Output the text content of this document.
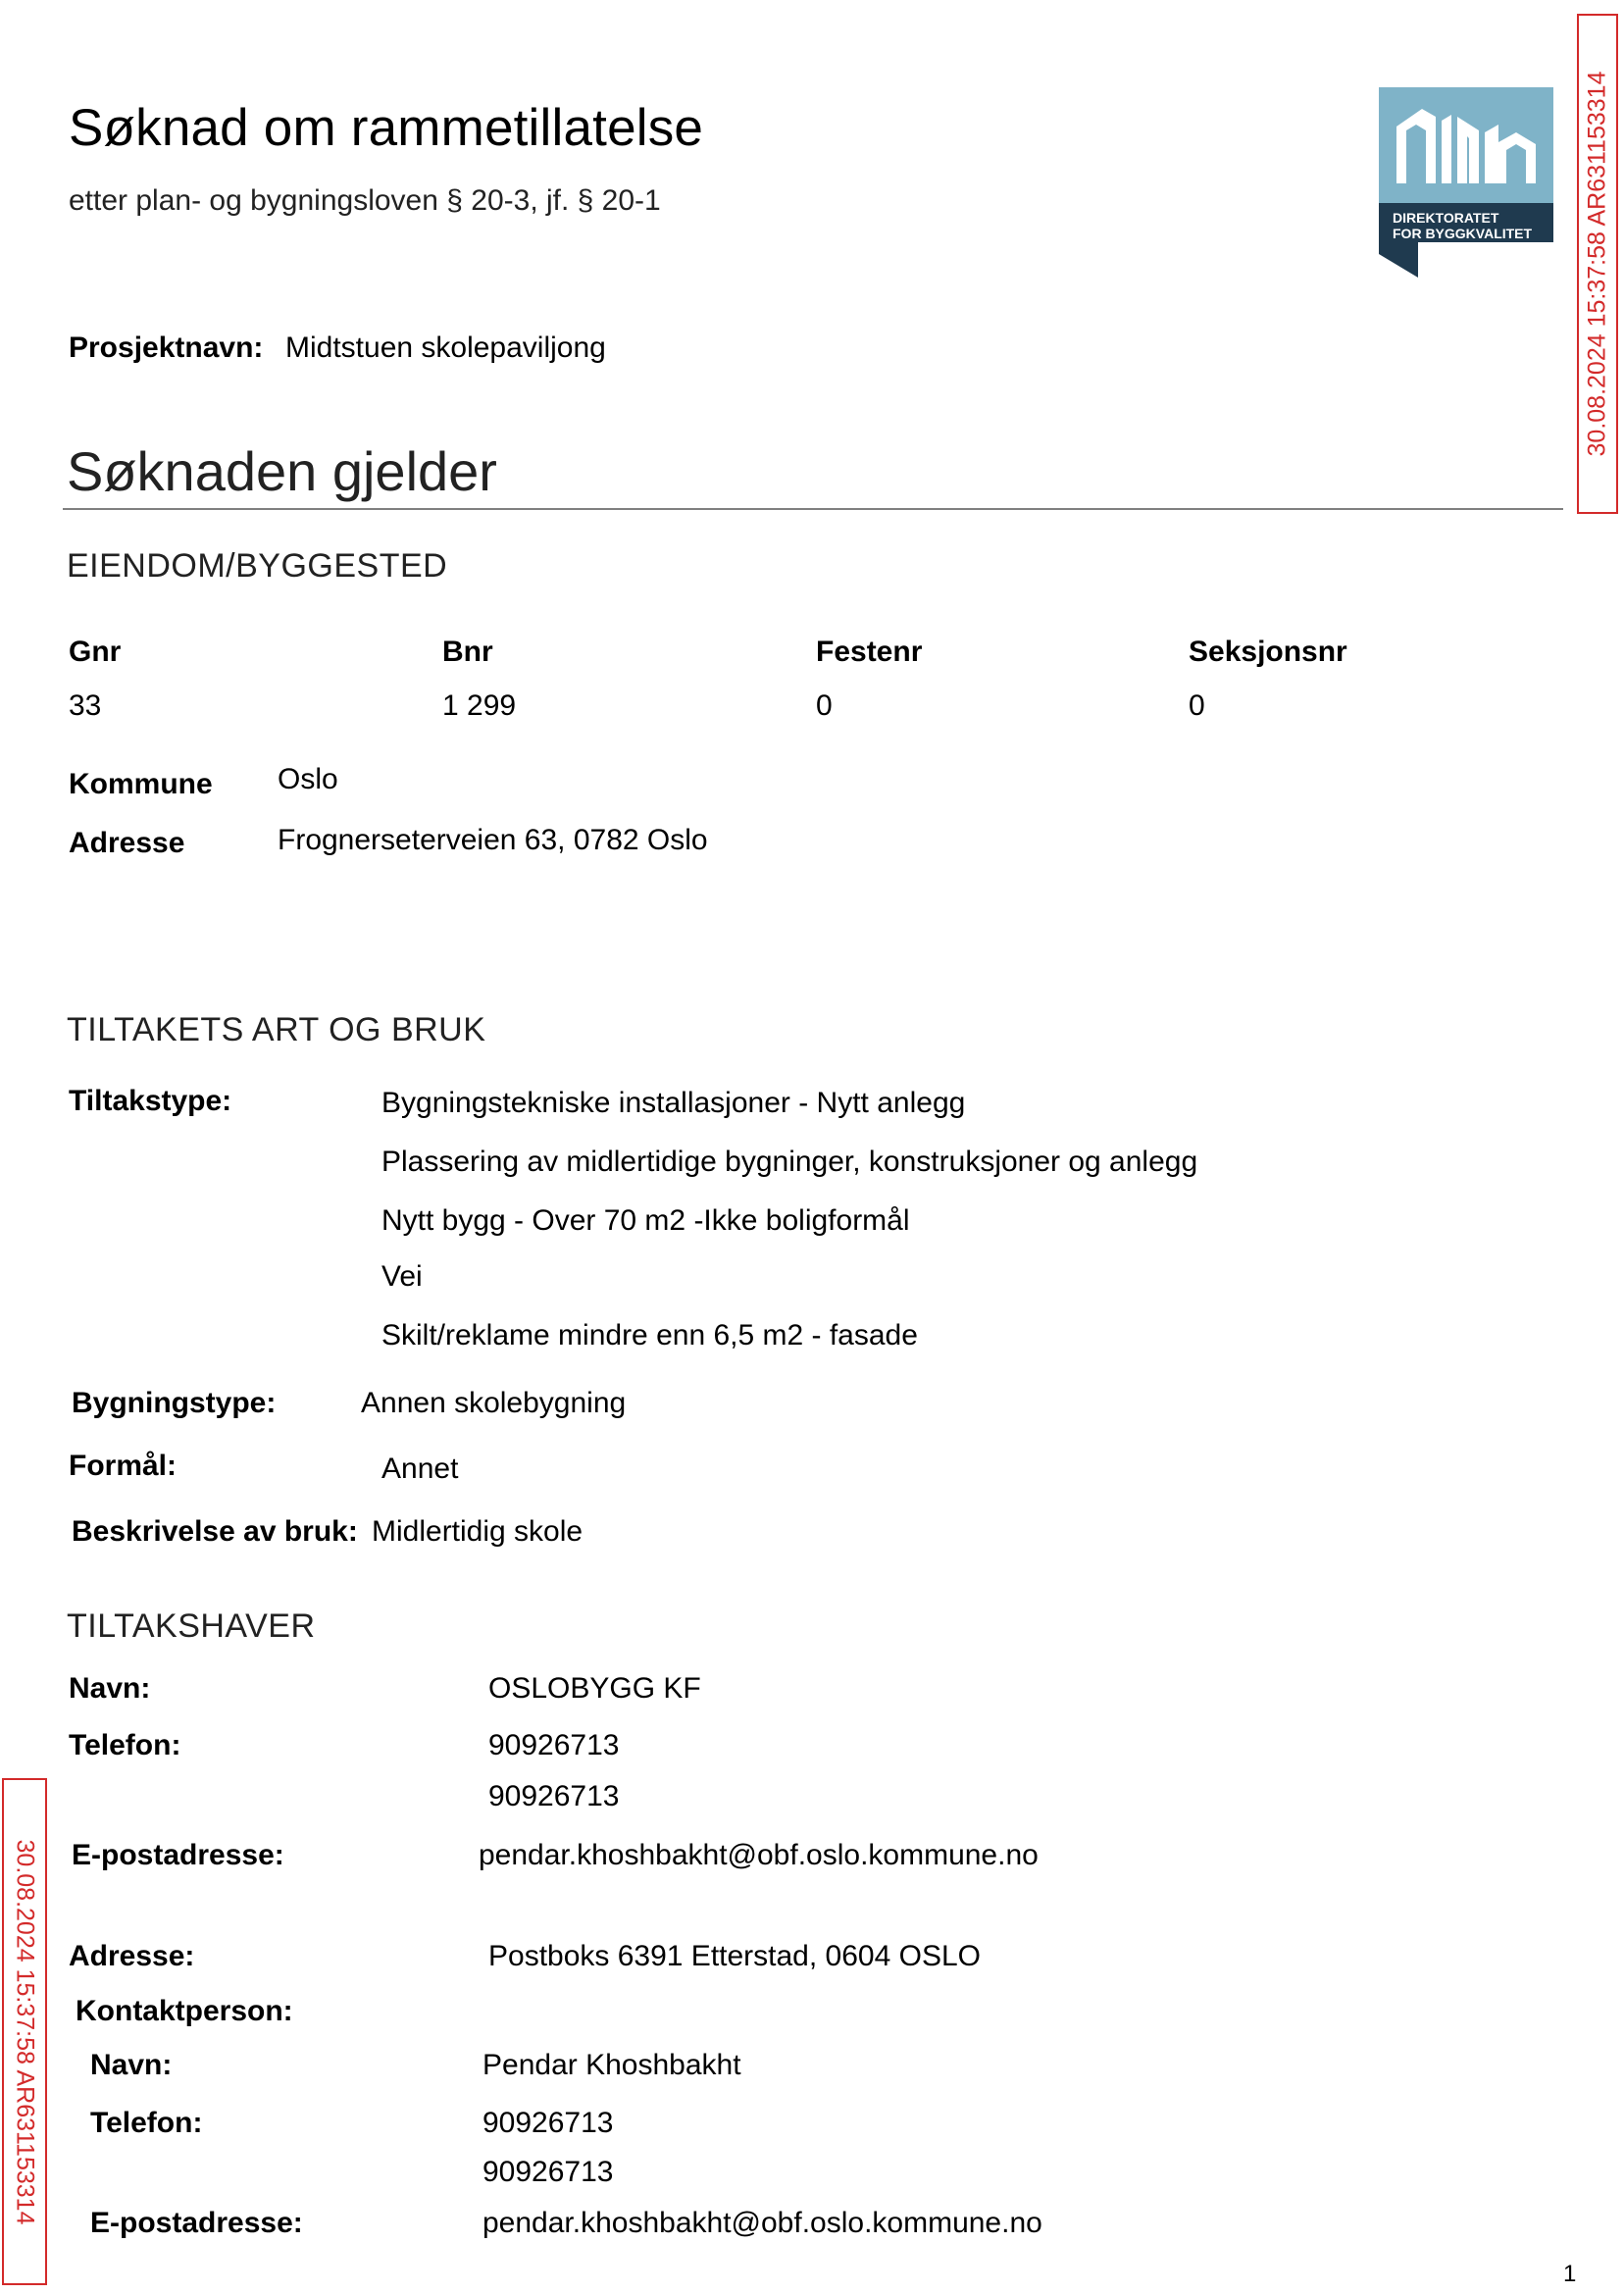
Søknad om rammetillatelse
etter plan- og bygningsloven § 20-3, jf. § 20-1
DIREKTORATET
FOR BYGGKVALITET 30.08.2024 15:37:58 AR631153314
Prosjektnavn: Midtstuen skolepaviljong
Søknaden gjelder
EIENDOM/BYGGESTED
Gnr	Bnr	Festenr	Seksjonsnr
33	1 299	0	0
Kommune Oslo
Adresse	Frognerseterveien 63, 0782 Oslo
TILTAKETS ART OG BRUK
Tiltakstype:	Bygningstekniske installasjoner - Nytt anlegg
Plassering av midlertidige bygninger, konstruksjoner og anlegg
Nytt bygg - Over 70 m2 -Ikke boligformål
Vei
Skilt/reklame mindre enn 6,5 m2 - fasade
Bygningstype:	Annen skolebygning
Formål:	Annet
Beskrivelse av bruk: Midlertidig skole
TILTAKSHAVER
Navn:	OSLOBYGG KF
Telefon:	90926713
90926713
E-postadresse:	pendar.khoshbakht@obf.oslo.kommune.no
Adresse:	Postboks 6391 Etterstad, 0604 OSLO
Kontaktperson:
Navn:	Pendar Khoshbakht
Telefon:	90926713
90926713
E-postadresse:	pendar.khoshbakht@obf.oslo.kommune.no
30.08.2024 15:37:58 AR631153314
1
